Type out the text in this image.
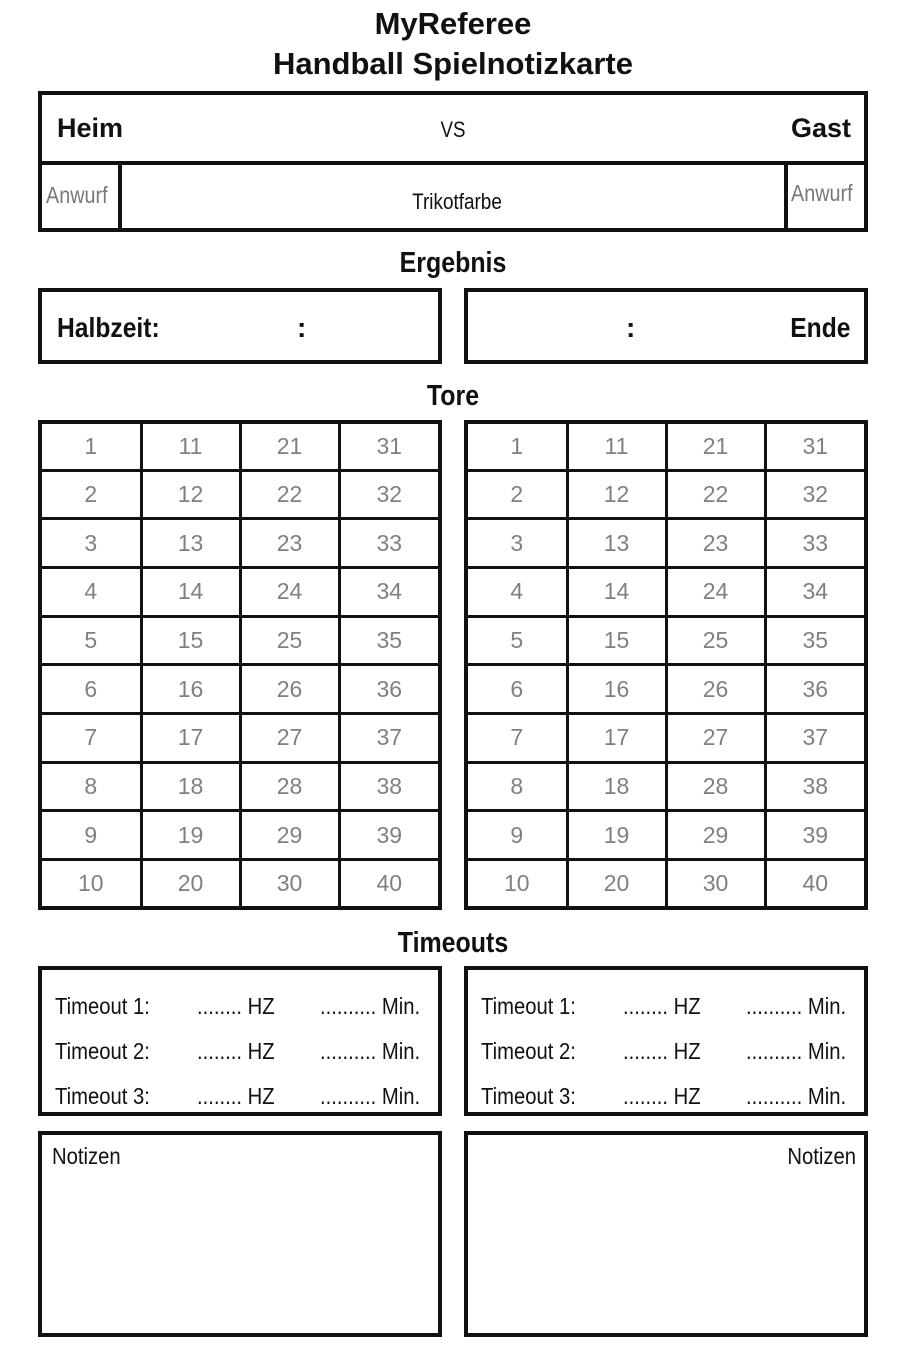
MyReferee
Handball Spielnotizkarte
Heim	VS	Gast
Anwurf	Trikotfarbe	Anwurf
Ergebnis
Halbzeit:	:	:	Ende
Tore
1	11	21	31
2	12	22	32
3	13	23	33
4	14	24	34
5	15	25	35
6	16	26	36
7	17	27	37
8	18	28	38
9	19	29	39
10	20	30	40
1	11	21	31
2	12	22	32
3	13	23	33
4	14	24	34
5	15	25	35
6	16	26	36
7	17	27	37
8	18	28	38
9	19	29	39
10	20	30	40
Timeouts
Timeout 1: ........ HZ .......... Min.
Timeout 2: ........ HZ .......... Min.
Timeout 3: ........ HZ .......... Min.
Timeout 1: ........ HZ .......... Min.
Timeout 2: ........ HZ .......... Min.
Timeout 3: ........ HZ .......... Min.
Notizen	Notizen
